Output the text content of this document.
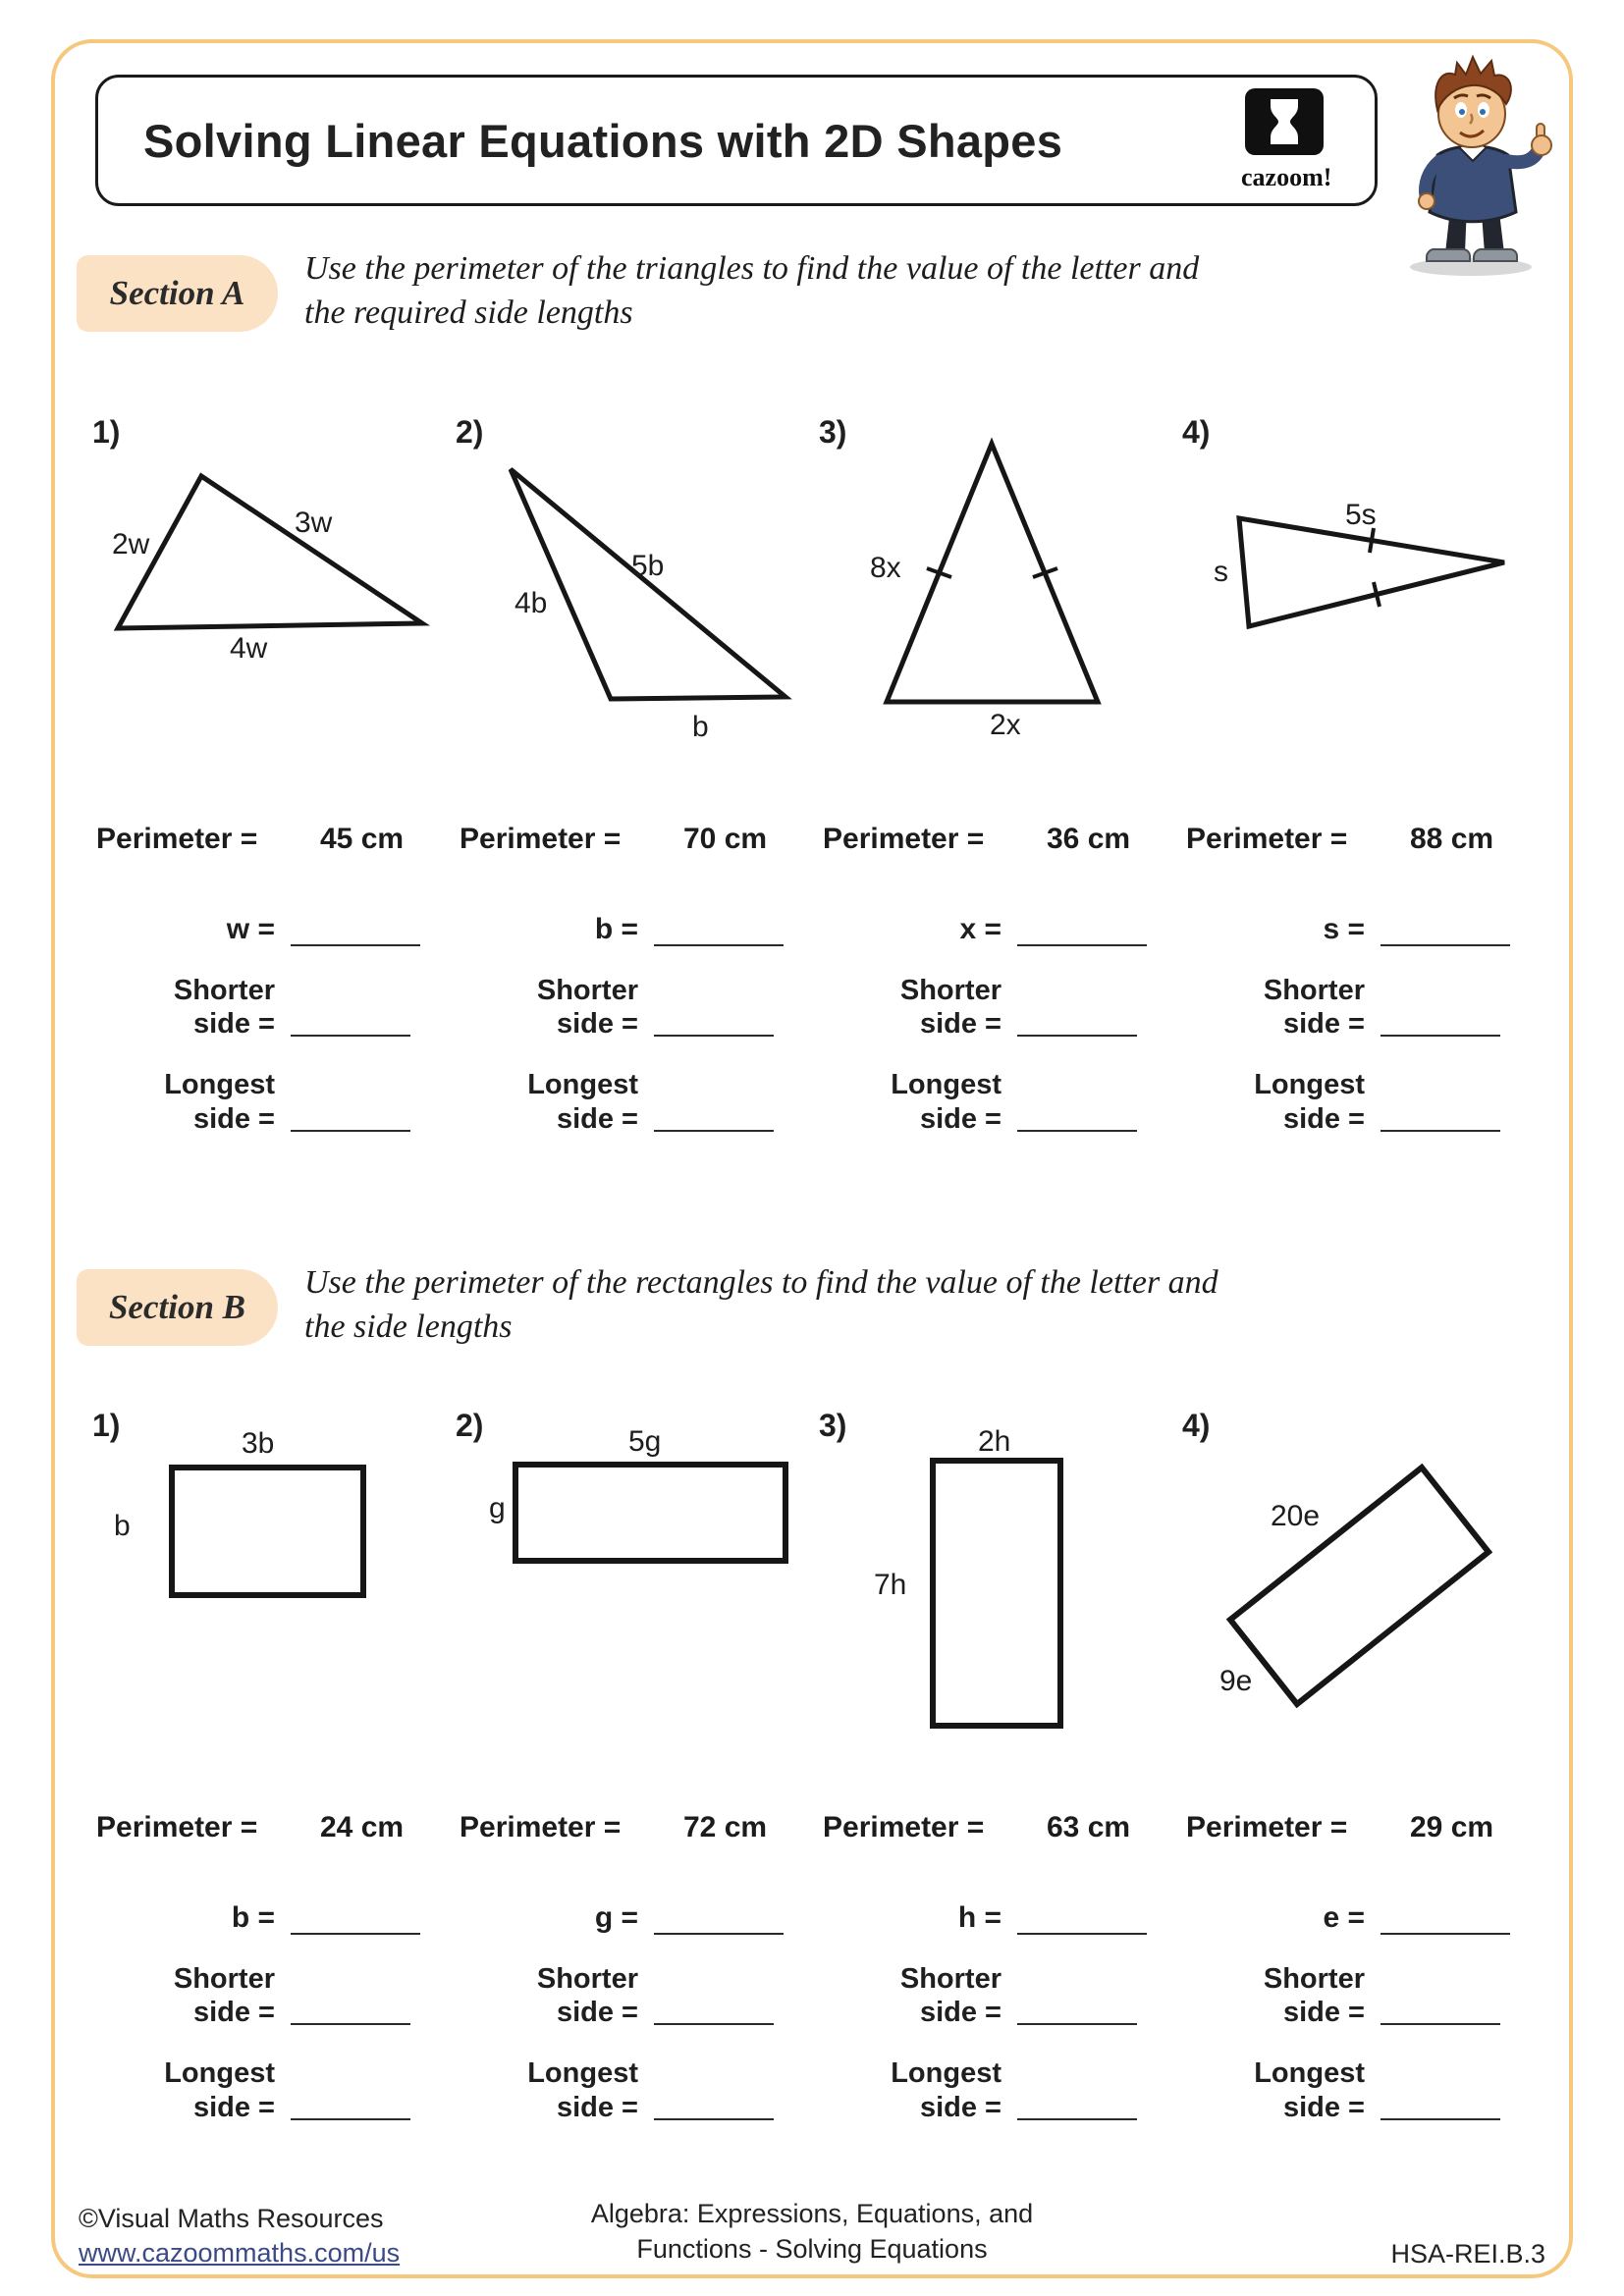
Solving Linear Equations with 2D Shapes
cazoom!
Section A
Use the perimeter of the triangles to find the value of the letter and
the required side lengths
1)
2w
3w
4w
Perimeter =	45 cm
w =
Shorter
side =
Longest
side =
2)
4b
5b
b
Perimeter =	70 cm
b =
Shorter
side =
Longest
side =
3)
8x
2x
Perimeter =	36 cm
x =
Shorter
side =
Longest
side =
4)
5s
s
Perimeter =	88 cm
s =
Shorter
side =
Longest
side =
Section B
Use the perimeter of the rectangles to find the value of the letter and
the side lengths
1)
3b
b
Perimeter =	24 cm
b =
Shorter
side =
Longest
side =
2)	5g
g
Perimeter =	72 cm
g =
Shorter
side =
Longest
side =
3)	2h
7h
Perimeter =	63 cm
h =
Shorter
side =
Longest
side =
4)
20e
9e
Perimeter =	29 cm
e =
Shorter
side =
Longest
side =
©Visual Maths Resources
www.cazoommaths.com/us
Algebra: Expressions, Equations, and
Functions - Solving Equations	HSA-REI.B.3
